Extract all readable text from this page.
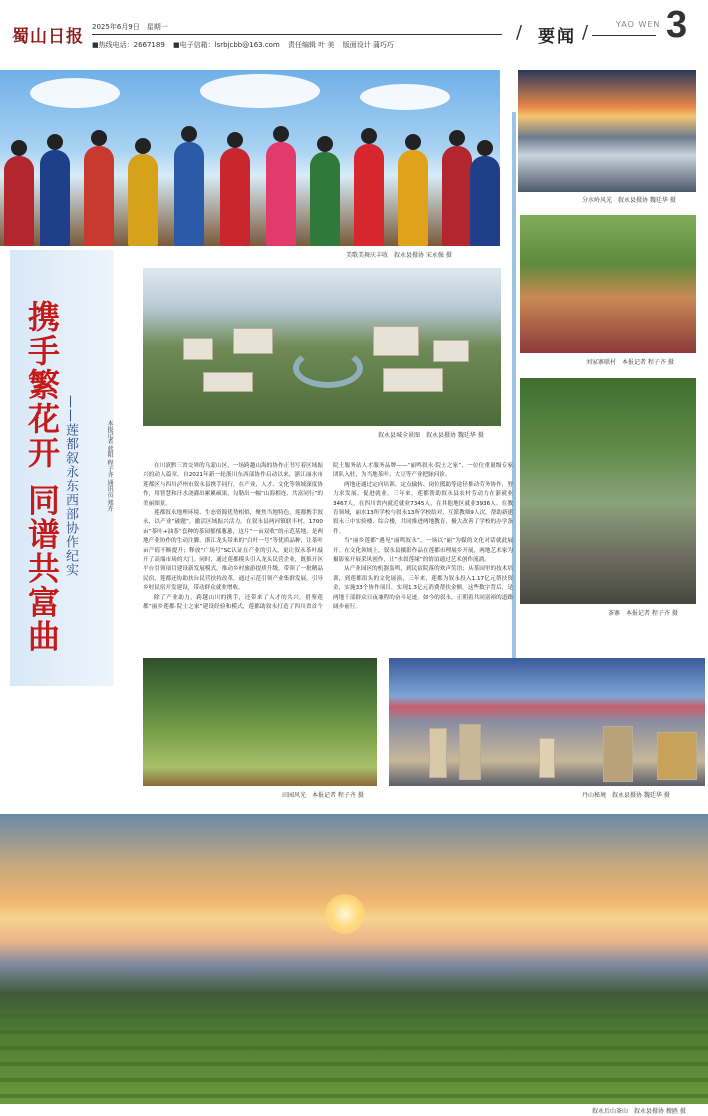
蜀山日报 2025年6月9日　星期一
■热线电话：2667189 ■电子信箱：lsrbjcbb@163.com 责任编辑 叶 美 版面设计 蒲巧巧
/ 要闻 /	YAO WEN 3
美歌美舞庆丰收　叙永县摄协 宋永强 摄
携手繁花开 同谱共富曲 ——莲都叙永东西部协作纪实	本报记者 蓝阳 程子齐 通讯员 郑卉	叙永县城全景图　叙永县摄协 魏廷华 摄

在川滇黔三省交界的乌蒙山区，一场跨越山海的协作正书写着区域振兴的动人篇章。自2021年新一轮浙川东西部协作启动以来，浙江丽水市莲都区与四川泸州市叙永县携手同行，在产业、人才、文化等领域深度协作，用智慧和汗水浇灌出累累硕果，勾勒出一幅“山海相连、共富同行”的美丽图景。

莲都叙永地理环境、生态资源优势相似，聚焦当地特色，莲都携手叙永，以产业“破题”，激活区域振兴活力。在叙永县两河镇联丰村，1700亩“茶叶+油茶”套种的茶园郁郁葱葱，这片“一亩双收”的示范基地，是两地产业协作的生动注脚。浙江龙头带来的“白叶一号”等优质品种，让茶叶亩产值不断提升；释放“广场号”SC认证在产业的引入，更让叙永茶叶敲开了高端市场的大门。同时，通过莲都模头引入龙头民营企业，既推开区平台引领项目建设新发展模式，推动乡村旅游提质升级，带领了一批精品民宿，莲都还协助扶台民营扶持改革，通过示范引领产业集群发展，引导乡村民宿开发建设，带动群众就业增收。

除了产业助力，跨越山川的携手，还带来了人才的共兴。借鉴莲都“丽乡莲都·院士之家”建设经验和模式，莲都助叙永打造了四川省首个院士服务站人才服务品牌——“丽鸣叙永·院士之家”，一位位重量级专家团队入驻，为当地茶叶、大豆等产业把脉问诊。

两地还通过定向培训、定点输转、岗位援助等途径推动劳务协作，努力求发展、促进就业。三年来，莲都帮助叙永县农村劳动力在浙就业3467人，在四川省内就近就业7345人，在其他地区就业3936人。在教育领域，丽水13所学校与叙永13所学校结对，互派教师9人次。帮助新建叙永三中实验楼、综合楼，共同推进两地教育，极大改善了学校的办学条件。

当“丽乡莲都”遇见“丽鸣叙永”，一场以“丽”为媒的文化对话就此展开。在文化领域上，叙永县摄影作品在莲都市理展乡开展，两地艺术家为摄影家开展采风创作，让“水叙莲缘”的情谊通过艺术创作流淌。

从产业园区的机器轰鸣，到民宿院落的欢声笑语；从茶园里的技术培训，到莲都街头的文化展演，三年来，莲都为叙永投入1.17亿元帮扶资金，实施33个协作项目，实现1.3亿元消费帮扶金额，这些数字背后，是两地干部群众日夜兼程的奋斗足迹。如今的叙永，正朝着共同富裕的道路阔步前行。

分水岭风光　叙永县摄协 魏廷华 摄
刘家寨联村　本报记者 程子齐 摄
茶寨　本报记者 程子齐 摄
田园风光　本报记者 程子齐 摄	丹山秘境　叙永县摄协 魏廷华 摄
叙永后山茶山　叙永县摄协 穆鸥 摄
